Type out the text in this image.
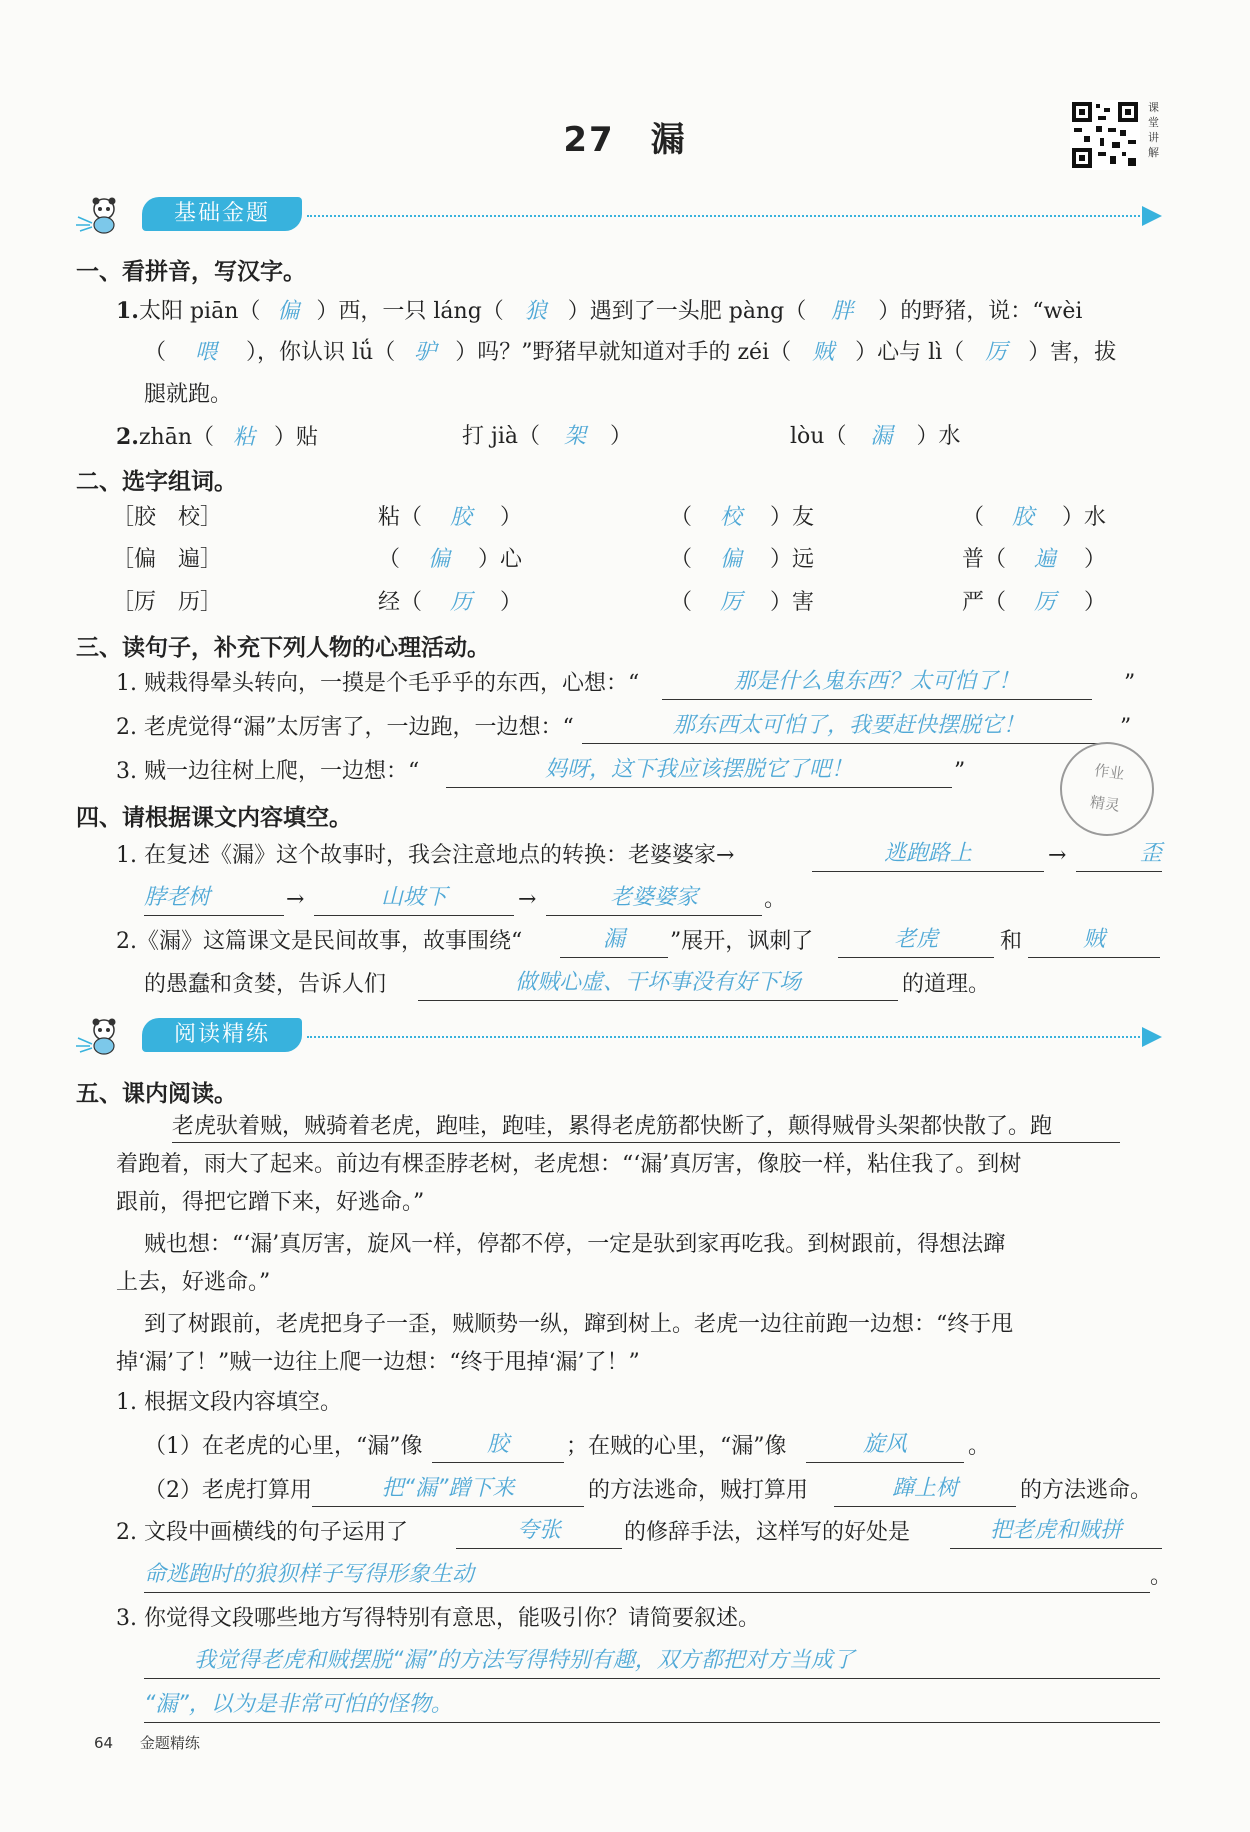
27 漏
课堂讲解
基础金题
一、看拼音，写汉字。
1.太阳 piān（ 偏 ）西，一只 láng（ 狼 ）遇到了一头肥 pàng（ 胖 ）的野猪，说：“wèi
（ 喂 ），你认识 lǘ（ 驴 ）吗？”野猪早就知道对手的 zéi（ 贼 ）心与 lì（ 厉 ）害，拔
腿就跑。
2.zhān（ 粘 ）贴	打 jià（ 架 ）	lòu（ 漏 ）水
二、选字组词。
［胶　校］	粘（ 胶 ）	（ 校 ）友	（ 胶 ）水
［偏　遍］	（ 偏 ）心	（ 偏 ）远	普（ 遍 ）
［厉　历］	经（ 历 ）	（ 厉 ）害	严（ 厉 ）
三、读句子，补充下列人物的心理活动。
1. 贼栽得晕头转向，一摸是个毛乎乎的东西，心想：“	那是什么鬼东西？太可怕了！	”
2. 老虎觉得“漏”太厉害了，一边跑，一边想：“	那东西太可怕了，我要赶快摆脱它！	”
3. 贼一边往树上爬，一边想：“	妈呀，这下我应该摆脱它了吧！	”	作业
精灵
四、请根据课文内容填空。
1. 在复述《漏》这个故事时，我会注意地点的转换：老婆婆家→	逃跑路上	→	歪
脖老树	→	山坡下	→	老婆婆家	。
2.《漏》这篇课文是民间故事，故事围绕“	漏	”展开，讽刺了	老虎	和	贼
的愚蠢和贪婪，告诉人们	做贼心虚、干坏事没有好下场	的道理。
阅读精练
五、课内阅读。
老虎驮着贼，贼骑着老虎，跑哇，跑哇，累得老虎筋都快断了，颠得贼骨头架都快散了。跑
着跑着，雨大了起来。前边有棵歪脖老树，老虎想：“‘漏’真厉害，像胶一样，粘住我了。到树
跟前，得把它蹭下来，好逃命。”
贼也想：“‘漏’真厉害，旋风一样，停都不停，一定是驮到家再吃我。到树跟前，得想法蹿
上去，好逃命。”
到了树跟前，老虎把身子一歪，贼顺势一纵，蹿到树上。老虎一边往前跑一边想：“终于甩
掉‘漏’了！”贼一边往上爬一边想：“终于甩掉‘漏’了！”
1. 根据文段内容填空。
（1）在老虎的心里，“漏”像	胶	；在贼的心里，“漏”像	旋风	。
（2）老虎打算用	把“漏”蹭下来	的方法逃命，贼打算用	蹿上树	的方法逃命。
2. 文段中画横线的句子运用了	夸张	的修辞手法，这样写的好处是	把老虎和贼拼
命逃跑时的狼狈样子写得形象生动	。
3. 你觉得文段哪些地方写得特别有意思，能吸引你？请简要叙述。
我觉得老虎和贼摆脱“漏”的方法写得特别有趣，双方都把对方当成了
“漏”，以为是非常可怕的怪物。
64 金题精练
